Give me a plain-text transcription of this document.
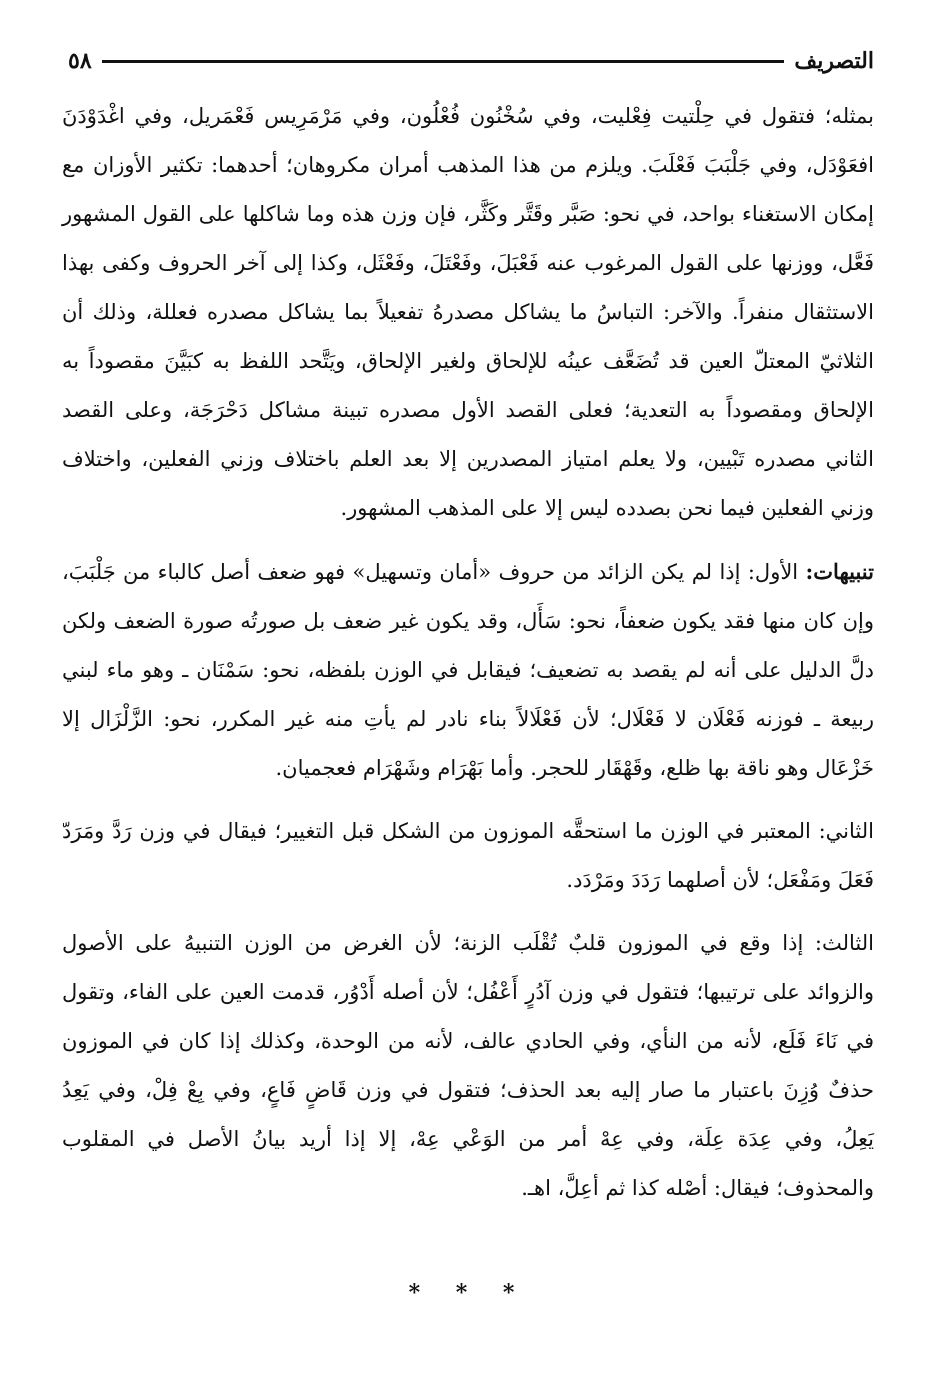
التصريف
٥٨

بمثله؛ فتقول في حِلْتيت فِعْليت، وفي سُخْنُون فُعْلُون، وفي مَرْمَرِيس فَعْمَريل، وفي اغْدَوْدَنَ افعَوْدَل، وفي جَلْبَبَ فَعْلَبَ. ويلزم من هذا المذهب أمران مكروهان؛ أحدهما: تكثير الأوزان مع إمكان الاستغناء بواحد، في نحو: صَبَّر وقَتَّر وكَثَّر، فإن وزن هذه وما شاكلها على القول المشهور فَعَّل، ووزنها على القول المرغوب عنه فَعْبَلَ، وفَعْتَلَ، وفَعْثَل، وكذا إلى آخر الحروف وكفى بهذا الاستثقال منفراً. والآخر: التباسُ ما يشاكل مصدرهُ تفعيلاً بما يشاكل مصدره فعللة، وذلك أن الثلاثيّ المعتلّ العين قد تُضَعَّف عينُه للإلحاق ولغير الإلحاق، ويَتَّحد اللفظ به كبَيَّنَ مقصوداً به الإلحاق ومقصوداً به التعدية؛ فعلى القصد الأول مصدره تبينة مشاكل دَحْرَجَة، وعلى القصد الثاني مصدره تَبْيين، ولا يعلم امتياز المصدرين إلا بعد العلم باختلاف وزني الفعلين، واختلاف وزني الفعلين فيما نحن بصدده ليس إلا على المذهب المشهور.

تنبيهات: الأول: إذا لم يكن الزائد من حروف «أمان وتسهيل» فهو ضعف أصل كالباء من جَلْبَبَ، وإن كان منها فقد يكون ضعفاً، نحو: سَأَل، وقد يكون غير ضعف بل صورتُه صورة الضعف ولكن دلَّ الدليل على أنه لم يقصد به تضعيف؛ فيقابل في الوزن بلفظه، نحو: سَمْنَان ـ وهو ماء لبني ربيعة ـ فوزنه فَعْلَان لا فَعْلَال؛ لأن فَعْلَالاً بناء نادر لم يأتِ منه غير المكرر، نحو: الزَّلْزَال إلا خَزْعَال وهو ناقة بها ظلع، وقَهْقَار للحجر. وأما بَهْرَام وشَهْرَام فعجميان.

الثاني: المعتبر في الوزن ما استحقَّه الموزون من الشكل قبل التغيير؛ فيقال في وزن رَدَّ ومَرَدّ فَعَلَ ومَفْعَل؛ لأن أصلهما رَدَدَ ومَرْدَد.

الثالث: إذا وقع في الموزون قلبٌ تُقْلَب الزنة؛ لأن الغرض من الوزن التنبيهُ على الأصول والزوائد على ترتيبها؛ فتقول في وزن آدُرٍ أَعْفُل؛ لأن أصله أَدْوُر، قدمت العين على الفاء، وتقول في نَاءَ فَلَع، لأنه من النأي، وفي الحادي عالف، لأنه من الوحدة، وكذلك إذا كان في الموزون حذفٌ وُزِنَ باعتبار ما صار إليه بعد الحذف؛ فتقول في وزن قَاضٍ فَاعٍ، وفي بِعْ فِلْ، وفي يَعِدُ يَعِلُ، وفي عِدَة عِلَة، وفي عِهْ أمر من الوَعْي عِهْ، إلا إذا أريد بيانُ الأصل في المقلوب والمحذوف؛ فيقال: أصْله كذا ثم أعِلَّ، اهـ.

* * *
